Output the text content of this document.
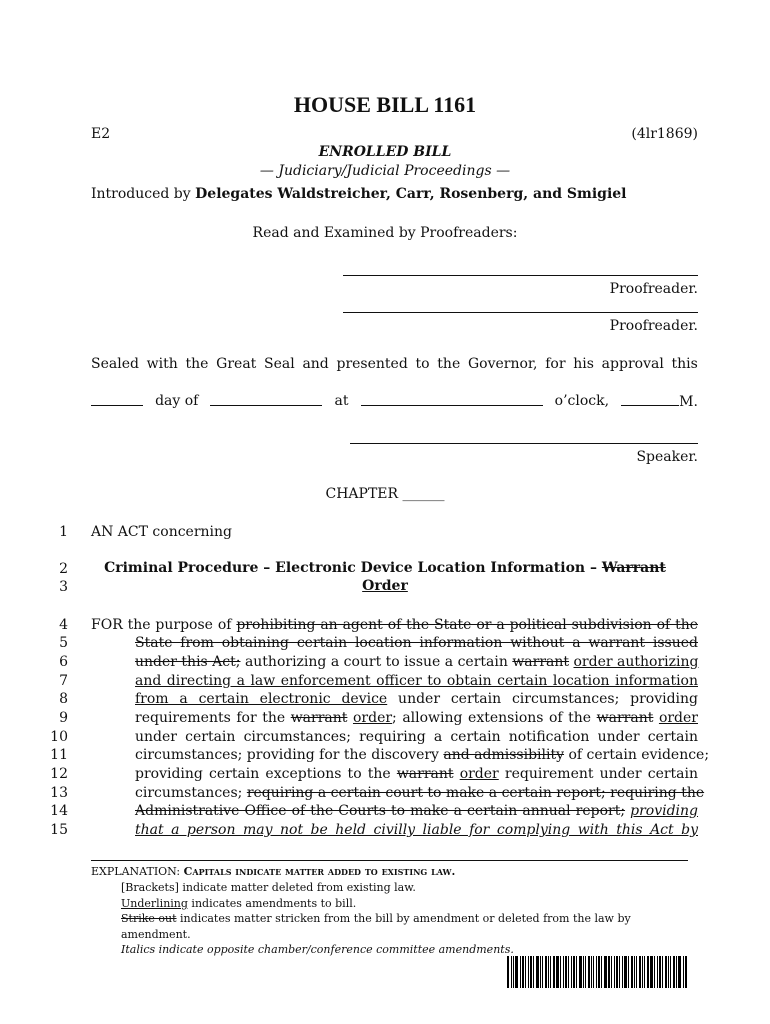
HOUSE BILL 1161
E2	(4lr1869)
ENROLLED BILL
— Judiciary/Judicial Proceedings —
Introduced by Delegates Waldstreicher, Carr, Rosenberg, and Smigiel
Read and Examined by Proofreaders:
Proofreader.
Proofreader.
Sealed with the Great Seal and presented to the Governor, for his approval this
day of	at	o’clock,	M.
Speaker.
CHAPTER ______
1
2
3
4
5
6
7
8
9
10
11
12
13
14
15
AN ACT concerning
Criminal Procedure – Electronic Device Location Information – Warrant
Order
FOR the purpose of prohibiting an agent of the State or a political subdivision of the
State from obtaining certain location information without a warrant issued
under this Act; authorizing a court to issue a certain warrant order authorizing
and directing a law enforcement officer to obtain certain location information
from a certain electronic device under certain circumstances; providing
requirements for the warrant order; allowing extensions of the warrant order
under certain circumstances; requiring a certain notification under certain
circumstances; providing for the discovery and admissibility of certain evidence;
providing certain exceptions to the warrant order requirement under certain
circumstances; requiring a certain court to make a certain report; requiring the
Administrative Office of the Courts to make a certain annual report; providing
that a person may not be held civilly liable for complying with this Act by
EXPLANATION: Capitals indicate matter added to existing law.
[Brackets] indicate matter deleted from existing law.
Underlining indicates amendments to bill.
Strike out indicates matter stricken from the bill by amendment or deleted from the law by
amendment.
Italics indicate opposite chamber/conference committee amendments.
